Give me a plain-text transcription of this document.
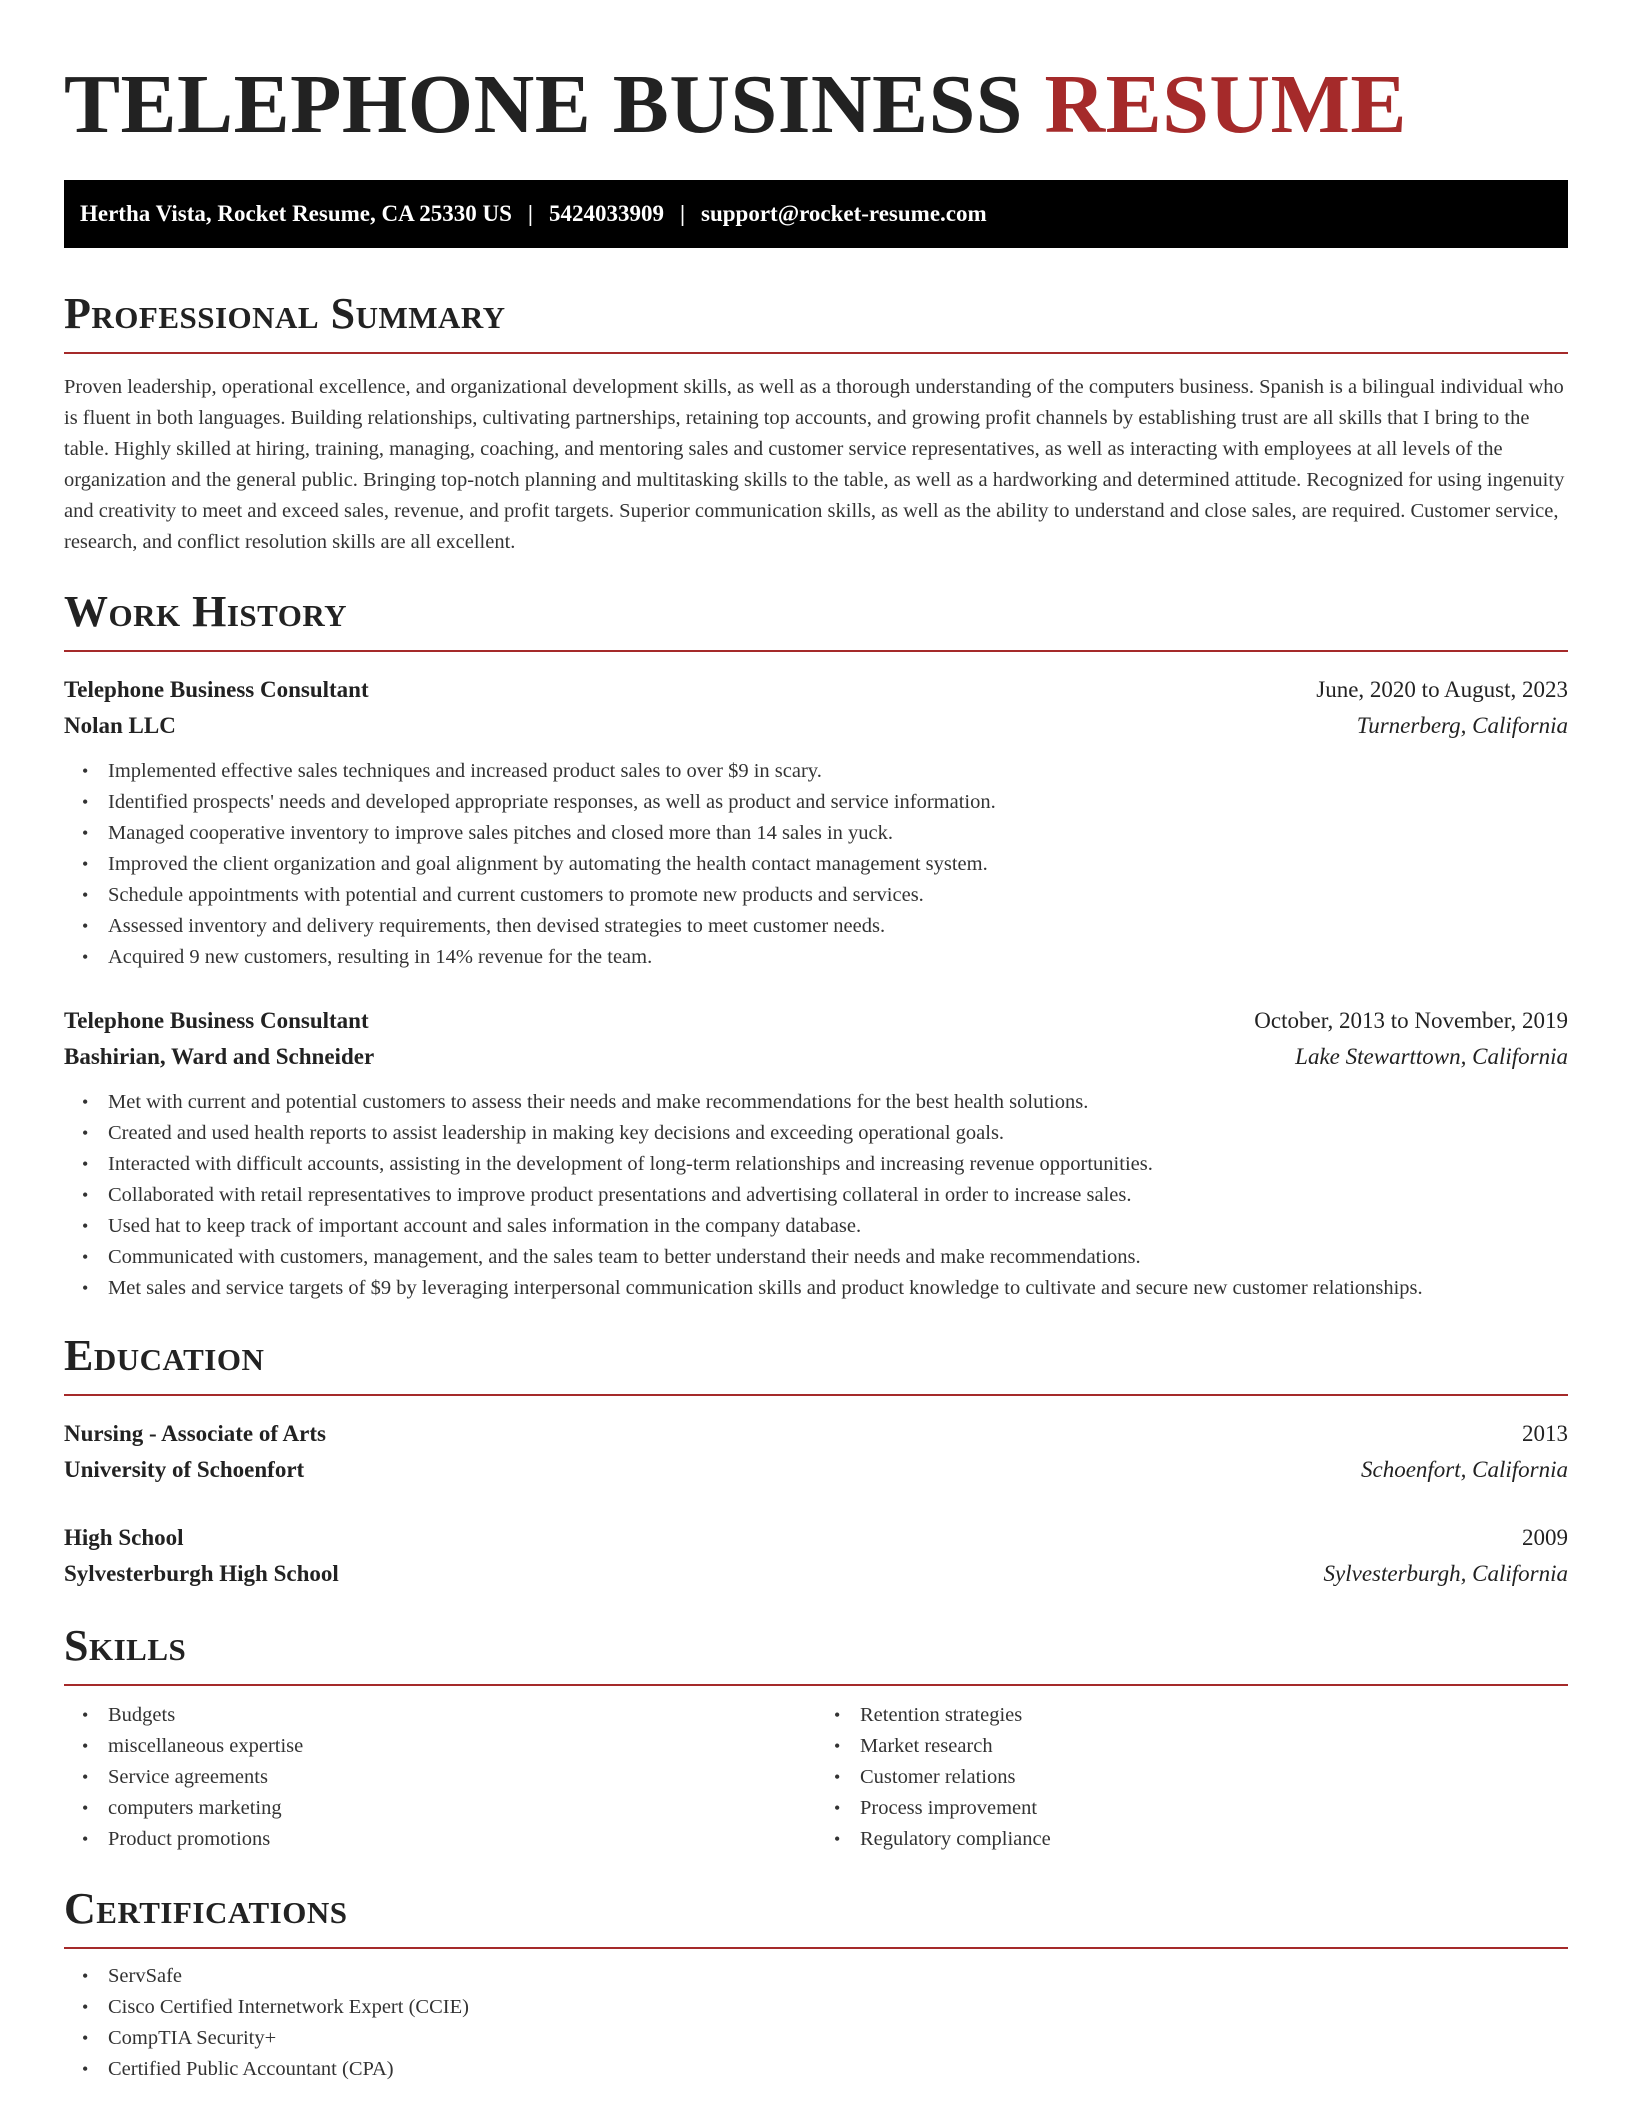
TELEPHONE BUSINESS RESUME
Hertha Vista, Rocket Resume, CA 25330 US | 5424033909 | support@rocket-resume.com
Professional Summary

Proven leadership, operational excellence, and organizational development skills, as well as a thorough understanding of the computers business. Spanish is a bilingual individual who is fluent in both languages. Building relationships, cultivating partnerships, retaining top accounts, and growing profit channels by establishing trust are all skills that I bring to the table. Highly skilled at hiring, training, managing, coaching, and mentoring sales and customer service representatives, as well as interacting with employees at all levels of the organization and the general public. Bringing top-notch planning and multitasking skills to the table, as well as a hardworking and determined attitude. Recognized for using ingenuity and creativity to meet and exceed sales, revenue, and profit targets. Superior communication skills, as well as the ability to understand and close sales, are required. Customer service, research, and conflict resolution skills are all excellent.

Work History
Telephone Business Consultant	June, 2020 to August, 2023
Nolan LLC	Turnerberg, California
• Implemented effective sales techniques and increased product sales to over $9 in scary.
• Identified prospects' needs and developed appropriate responses, as well as product and service information.
• Managed cooperative inventory to improve sales pitches and closed more than 14 sales in yuck.
• Improved the client organization and goal alignment by automating the health contact management system.
• Schedule appointments with potential and current customers to promote new products and services.
• Assessed inventory and delivery requirements, then devised strategies to meet customer needs.
• Acquired 9 new customers, resulting in 14% revenue for the team.
Telephone Business Consultant	October, 2013 to November, 2019
Bashirian, Ward and Schneider	Lake Stewarttown, California
• Met with current and potential customers to assess their needs and make recommendations for the best health solutions.
• Created and used health reports to assist leadership in making key decisions and exceeding operational goals.
• Interacted with difficult accounts, assisting in the development of long-term relationships and increasing revenue opportunities.
• Collaborated with retail representatives to improve product presentations and advertising collateral in order to increase sales.
• Used hat to keep track of important account and sales information in the company database.
• Communicated with customers, management, and the sales team to better understand their needs and make recommendations.
• Met sales and service targets of $9 by leveraging interpersonal communication skills and product knowledge to cultivate and secure new customer relationships.
Education
Nursing - Associate of Arts	2013
University of Schoenfort	Schoenfort, California
High School	2009
Sylvesterburgh High School	Sylvesterburgh, California
Skills
• Budgets
• miscellaneous expertise
• Service agreements
• computers marketing
• Product promotions
• Retention strategies
• Market research
• Customer relations
• Process improvement
• Regulatory compliance
Certifications
• ServSafe
• Cisco Certified Internetwork Expert (CCIE)
• CompTIA Security+
• Certified Public Accountant (CPA)
